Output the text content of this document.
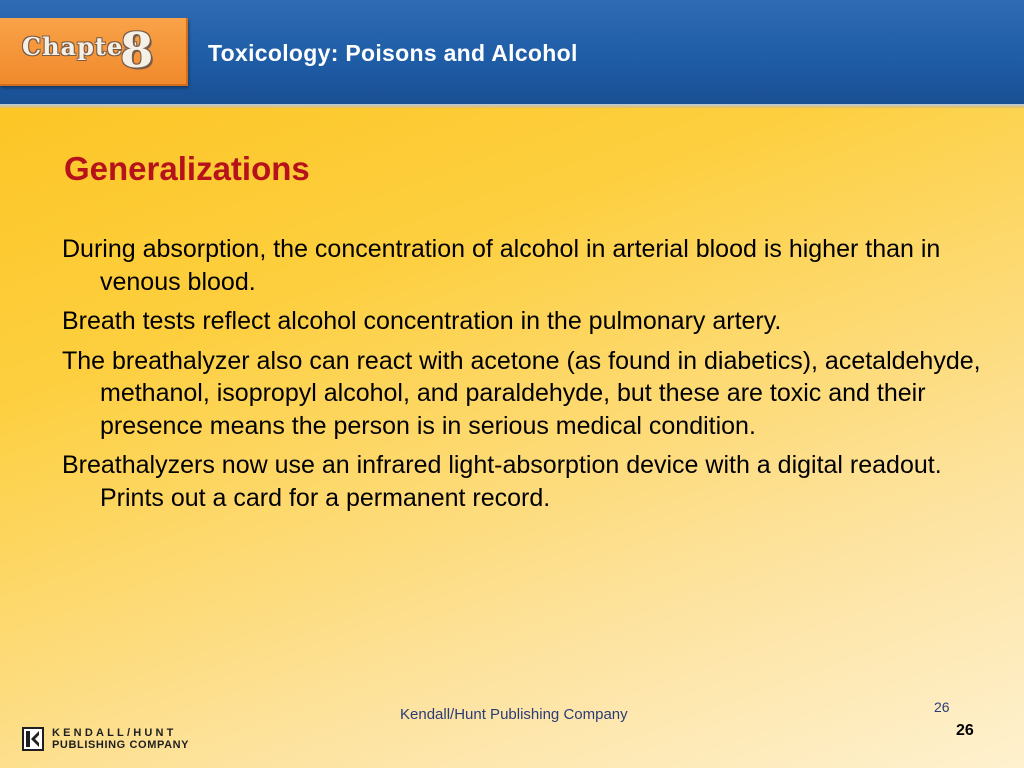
Chapter
8 Toxicology: Poisons and Alcohol
Generalizations
During absorption, the concentration of alcohol in arterial blood is higher than in venous blood.
Breath tests reflect alcohol concentration in the pulmonary artery.
The breathalyzer also can react with acetone (as found in diabetics), acetaldehyde, methanol, isopropyl alcohol, and paraldehyde, but these are toxic and their presence means the person is in serious medical condition.
Breathalyzers now use an infrared light-absorption device with a digital readout. Prints out a card for a permanent record.
KENDALL/HUNT
PUBLISHING COMPANY
Kendall/Hunt Publishing Company	26
26
